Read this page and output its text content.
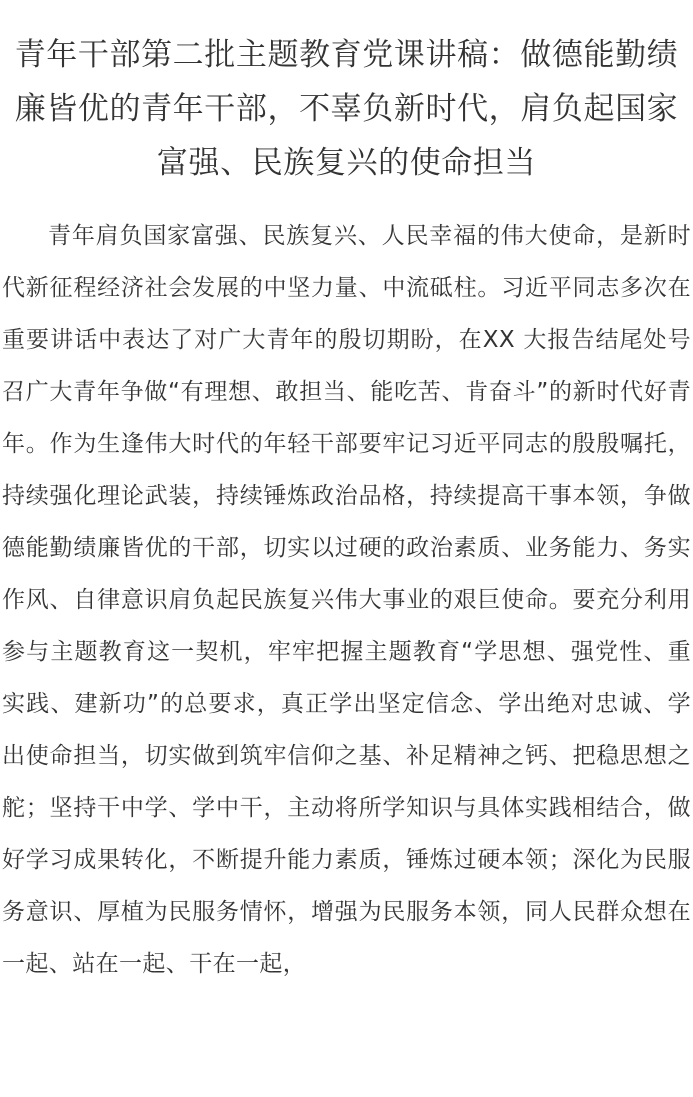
青年干部第二批主题教育党课讲稿：做德能勤绩廉皆优的青年干部，不辜负新时代，肩负起国家富强、民族复兴的使命担当

青年肩负国家富强、民族复兴、人民幸福的伟大使命，是新时代新征程经济社会发展的中坚力量、中流砥柱。习近平同志多次在重要讲话中表达了对广大青年的殷切期盼，在XX 大报告结尾处号召广大青年争做“有理想、敢担当、能吃苦、肯奋斗”的新时代好青年。作为生逢伟大时代的年轻干部要牢记习近平同志的殷殷嘱托，持续强化理论武装，持续锤炼政治品格，持续提高干事本领，争做德能勤绩廉皆优的干部，切实以过硬的政治素质、业务能力、务实作风、自律意识肩负起民族复兴伟大事业的艰巨使命。要充分利用参与主题教育这一契机，牢牢把握主题教育“学思想、强党性、重实践、建新功”的总要求，真正学出坚定信念、学出绝对忠诚、学出使命担当，切实做到筑牢信仰之基、补足精神之钙、把稳思想之舵；坚持干中学、学中干，主动将所学知识与具体实践相结合，做好学习成果转化，不断提升能力素质，锤炼过硬本领；深化为民服务意识、厚植为民服务情怀，增强为民服务本领，同人民群众想在一起、站在一起、干在一起，
